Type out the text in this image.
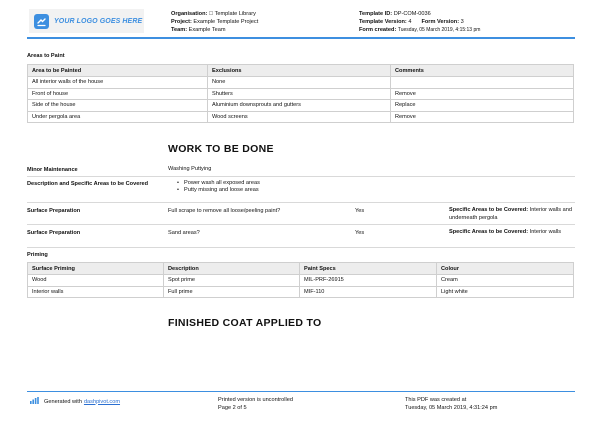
YOUR LOGO GOES HERE
Organisation: ⃞ Template Library
Project: Example Template Project
Team: Example Team
Template ID: DP-COM-0036
Template Version: 4 Form Version: 3
Form created: Tuesday, 05 March 2019, 4:15:13 pm
Areas to Paint
Area to be Painted	Exclusions	Comments
All interior walls of the house	None	
Front of house	Shutters	Remove
Side of the house	Aluminium downsprouts and gutters	Replace
Under pergola area	Wood screens	Remove
WORK TO BE DONE
Minor Maintenance	Washing Puttying
Description and Specific Areas to be Covered	• Power wash all exposed areas
• Putty missing and loose areas
Surface Preparation	Full scrape to remove all loose/peeling paint?	Yes	Specific Areas to be Covered: Interior walls and underneath pergola
Surface Preparation	Sand areas?	Yes	Specific Areas to be Covered: Interior walls
Priming
Surface Priming	Description	Paint Specs	Colour
Wood	Spot prime	MIL-PRF-26915	Cream
Interior walls	Full prime	MIF-110	Light white
FINISHED COAT APPLIED TO
Generated with dashpivot.com	Printed version is uncontrolled
Page 2 of 5
This PDF was created at
Tuesday, 05 March 2019, 4:31:24 pm
